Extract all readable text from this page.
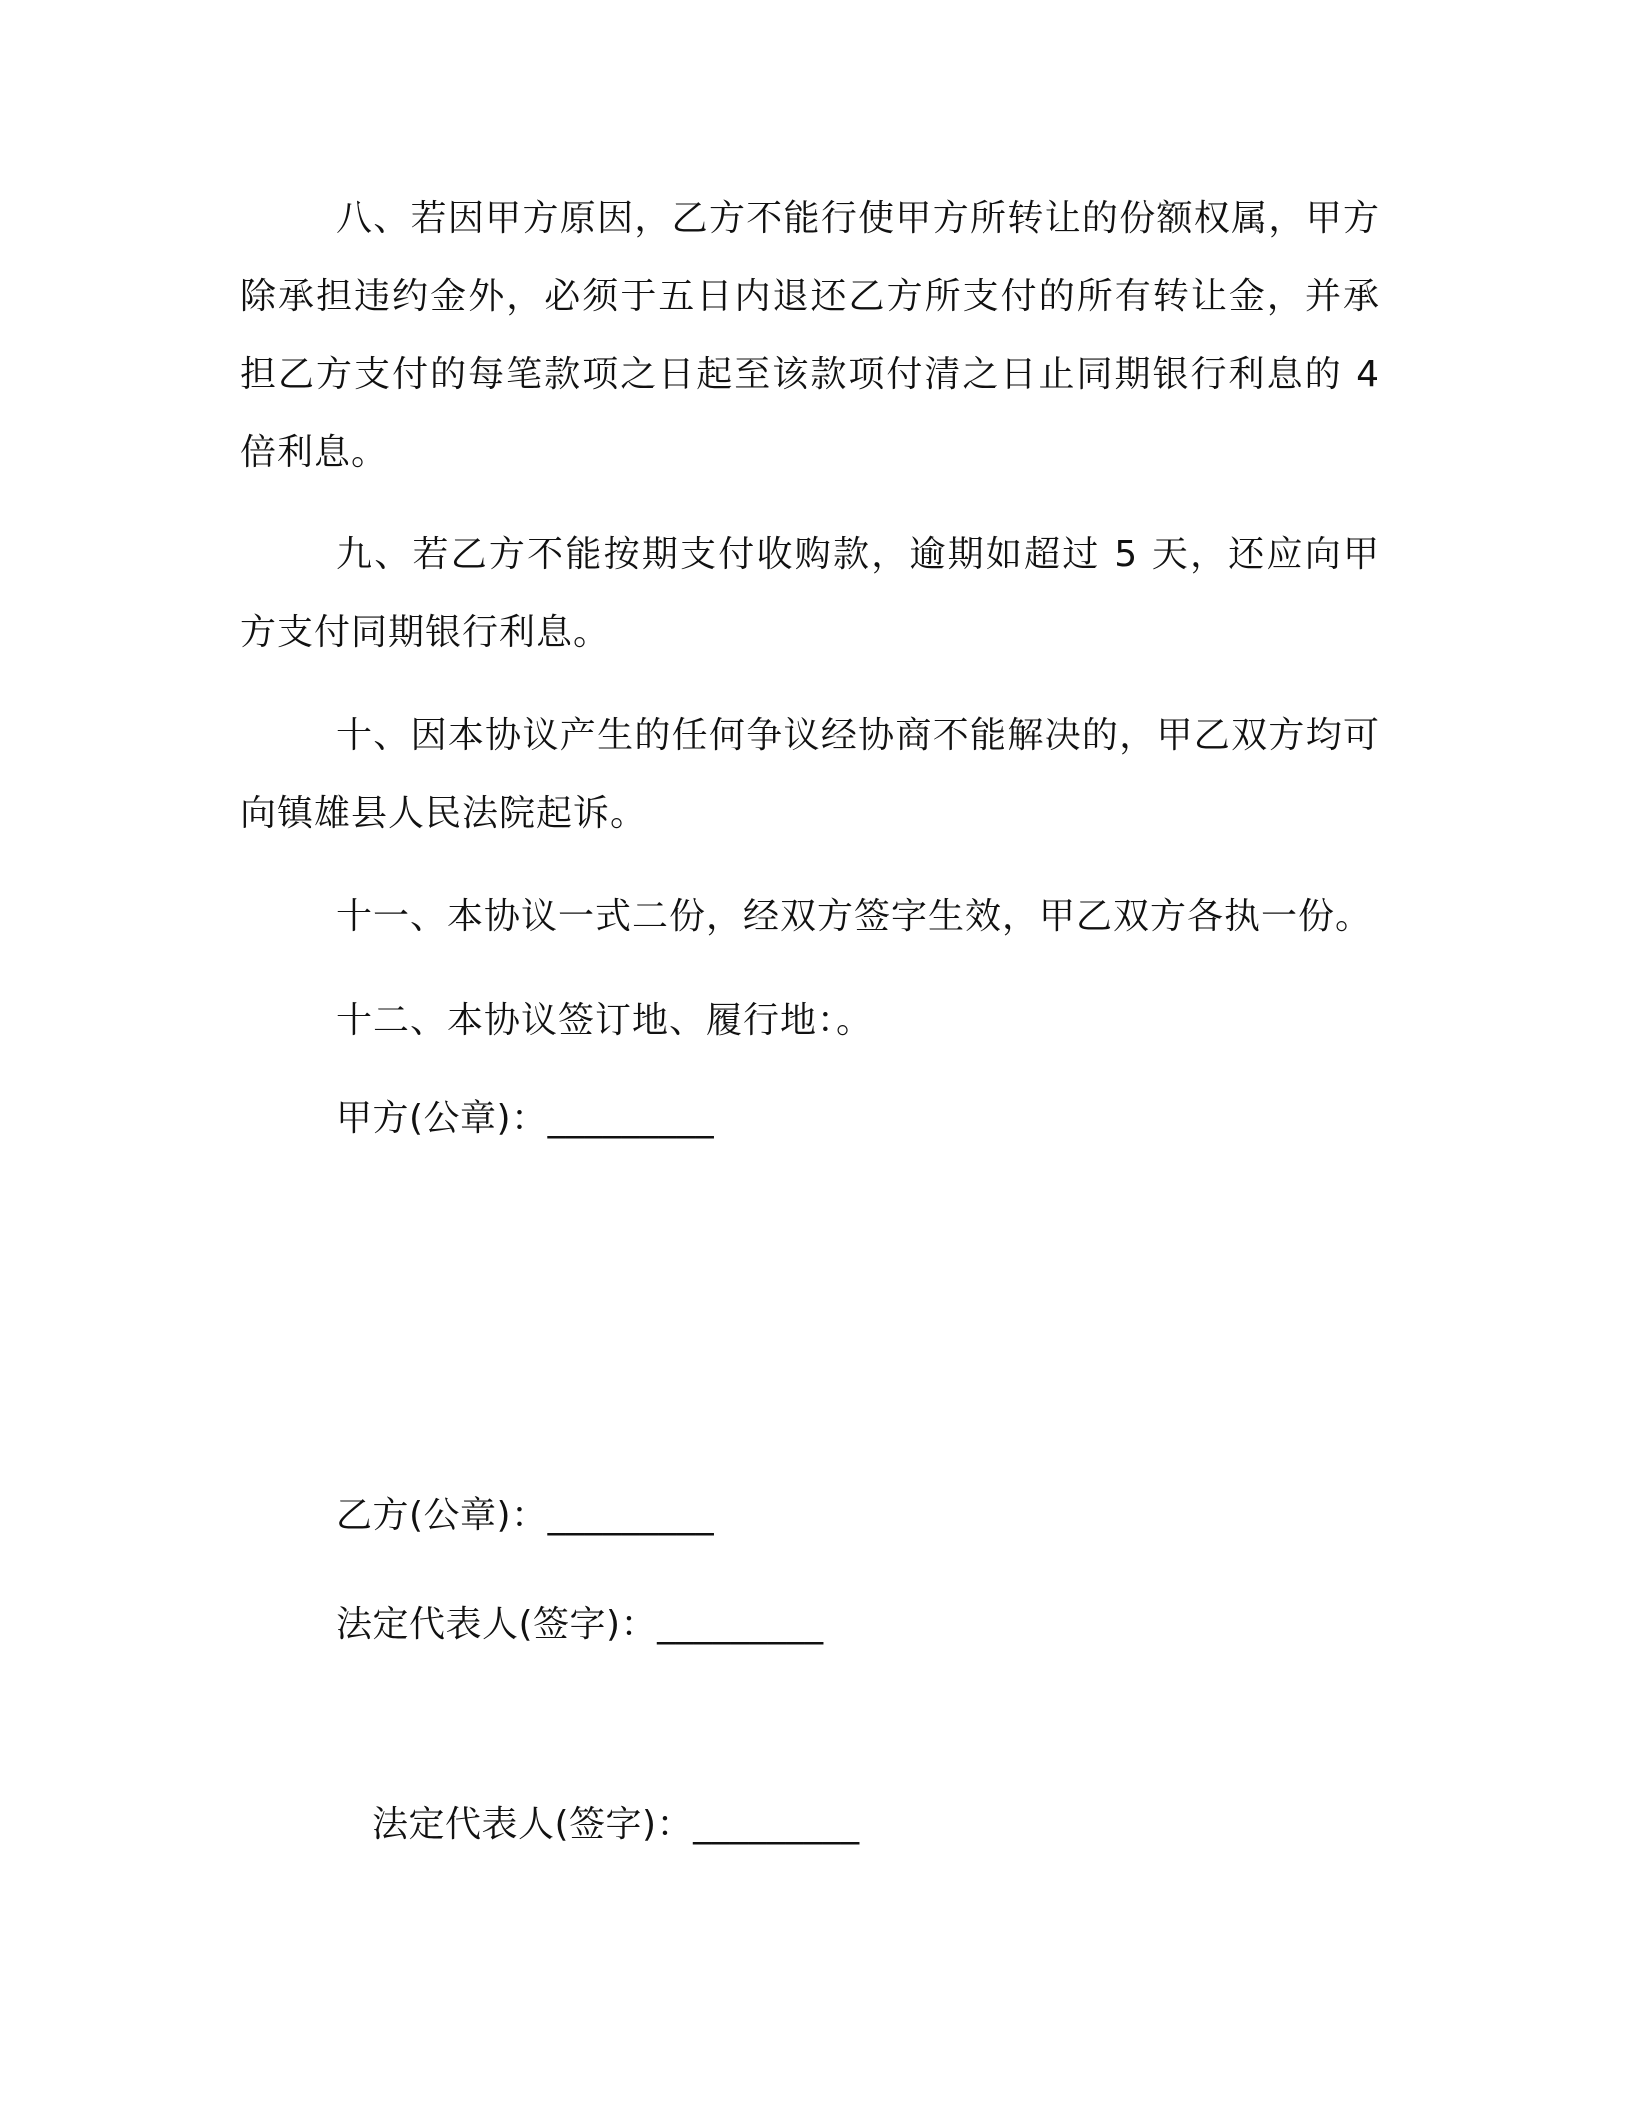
八、若因甲方原因，乙方不能行使甲方所转让的份额权属，甲方除承担违约金外，必须于五日内退还乙方所支付的所有转让金，并承担乙方支付的每笔款项之日起至该款项付清之日止同期银行利息的 4 倍利息。
九、若乙方不能按期支付收购款，逾期如超过 5 天，还应向甲方支付同期银行利息。
十、因本协议产生的任何争议经协商不能解决的，甲乙双方均可向镇雄县人民法院起诉。
十一、本协议一式二份，经双方签字生效，甲乙双方各执一份。
十二、本协议签订地、履行地：。
甲方(公章)：_________
乙方(公章)：_________
法定代表人(签字)：_________
法定代表人(签字)：_________
